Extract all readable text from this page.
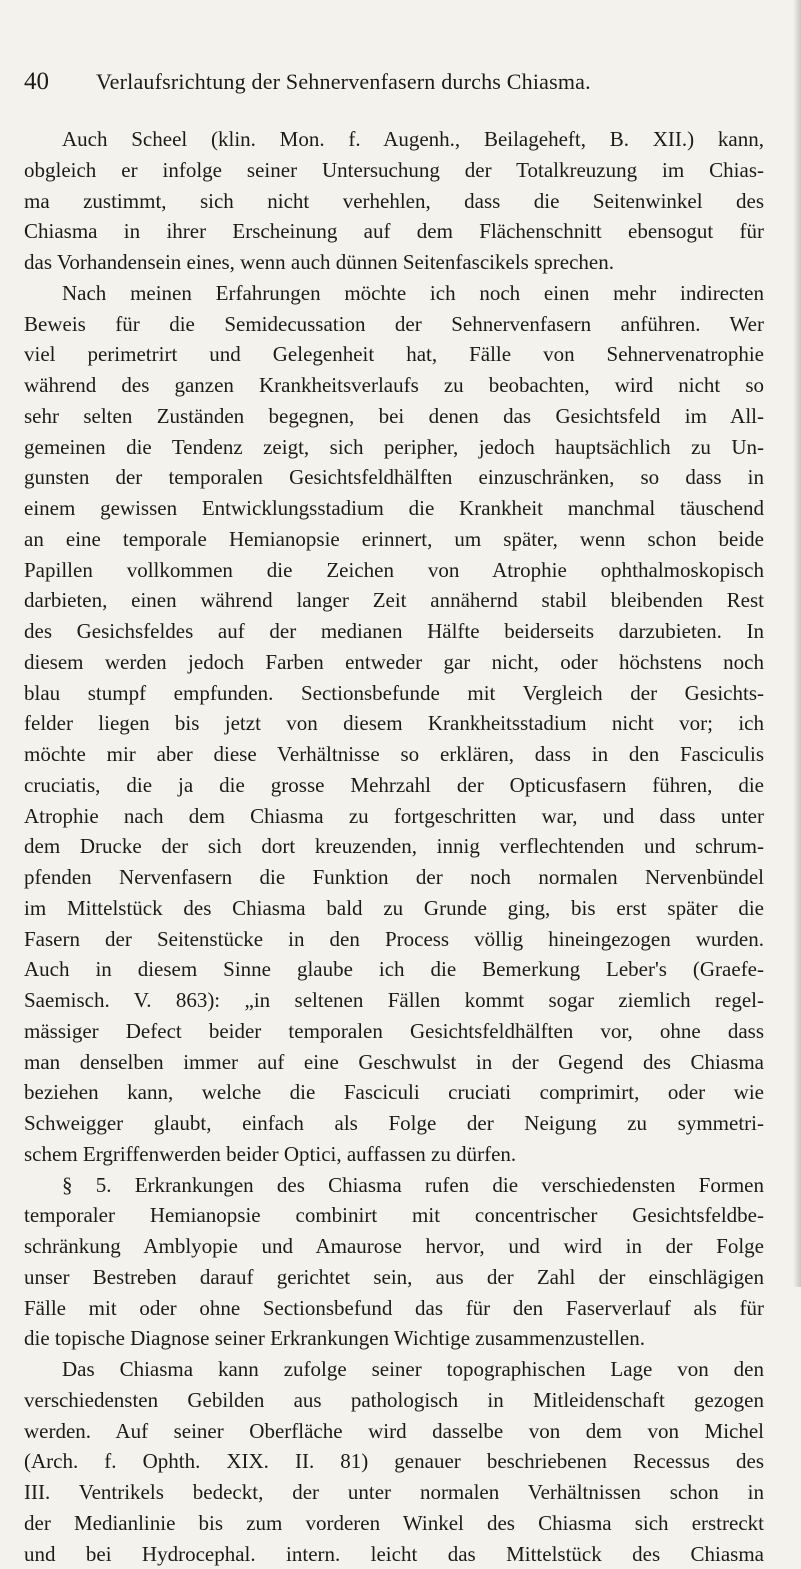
40 Verlaufsrichtung der Sehnervenfasern durchs Chiasma.
Auch Scheel (klin. Mon. f. Augenh., Beilageheft, B. XII.) kann,
obgleich er infolge seiner Untersuchung der Totalkreuzung im Chias-
ma zustimmt, sich nicht verhehlen, dass die Seitenwinkel des
Chiasma in ihrer Erscheinung auf dem Flächenschnitt ebensogut für
das Vorhandensein eines, wenn auch dünnen Seitenfascikels sprechen.
Nach meinen Erfahrungen möchte ich noch einen mehr indirecten
Beweis für die Semidecussation der Sehnervenfasern anführen. Wer
viel perimetrirt und Gelegenheit hat, Fälle von Sehnervenatrophie
während des ganzen Krankheitsverlaufs zu beobachten, wird nicht so
sehr selten Zuständen begegnen, bei denen das Gesichtsfeld im All-
gemeinen die Tendenz zeigt, sich peripher, jedoch hauptsächlich zu Un-
gunsten der temporalen Gesichtsfeldhälften einzuschränken, so dass in
einem gewissen Entwicklungsstadium die Krankheit manchmal täuschend
an eine temporale Hemianopsie erinnert, um später, wenn schon beide
Papillen vollkommen die Zeichen von Atrophie ophthalmoskopisch
darbieten, einen während langer Zeit annähernd stabil bleibenden Rest
des Gesichsfeldes auf der medianen Hälfte beiderseits darzubieten. In
diesem werden jedoch Farben entweder gar nicht, oder höchstens noch
blau stumpf empfunden. Sectionsbefunde mit Vergleich der Gesichts-
felder liegen bis jetzt von diesem Krankheitsstadium nicht vor; ich
möchte mir aber diese Verhältnisse so erklären, dass in den Fasciculis
cruciatis, die ja die grosse Mehrzahl der Opticusfasern führen, die
Atrophie nach dem Chiasma zu fortgeschritten war, und dass unter
dem Drucke der sich dort kreuzenden, innig verflechtenden und schrum-
pfenden Nervenfasern die Funktion der noch normalen Nervenbündel
im Mittelstück des Chiasma bald zu Grunde ging, bis erst später die
Fasern der Seitenstücke in den Process völlig hineingezogen wurden.
Auch in diesem Sinne glaube ich die Bemerkung Leber's (Graefe-
Saemisch. V. 863): „in seltenen Fällen kommt sogar ziemlich regel-
mässiger Defect beider temporalen Gesichtsfeldhälften vor, ohne dass
man denselben immer auf eine Geschwulst in der Gegend des Chiasma
beziehen kann, welche die Fasciculi cruciati comprimirt, oder wie
Schweigger glaubt, einfach als Folge der Neigung zu symmetri-
schem Ergriffenwerden beider Optici, auffassen zu dürfen.
§ 5. Erkrankungen des Chiasma rufen die verschiedensten Formen
temporaler Hemianopsie combinirt mit concentrischer Gesichtsfeldbe-
schränkung Amblyopie und Amaurose hervor, und wird in der Folge
unser Bestreben darauf gerichtet sein, aus der Zahl der einschlägigen
Fälle mit oder ohne Sectionsbefund das für den Faserverlauf als für
die topische Diagnose seiner Erkrankungen Wichtige zusammenzustellen.
Das Chiasma kann zufolge seiner topographischen Lage von den
verschiedensten Gebilden aus pathologisch in Mitleidenschaft gezogen
werden. Auf seiner Oberfläche wird dasselbe von dem von Michel
(Arch. f. Ophth. XIX. II. 81) genauer beschriebenen Recessus des
III. Ventrikels bedeckt, der unter normalen Verhältnissen schon in
der Medianlinie bis zum vorderen Winkel des Chiasma sich erstreckt
und bei Hydrocephal. intern. leicht das Mittelstück des Chiasma
